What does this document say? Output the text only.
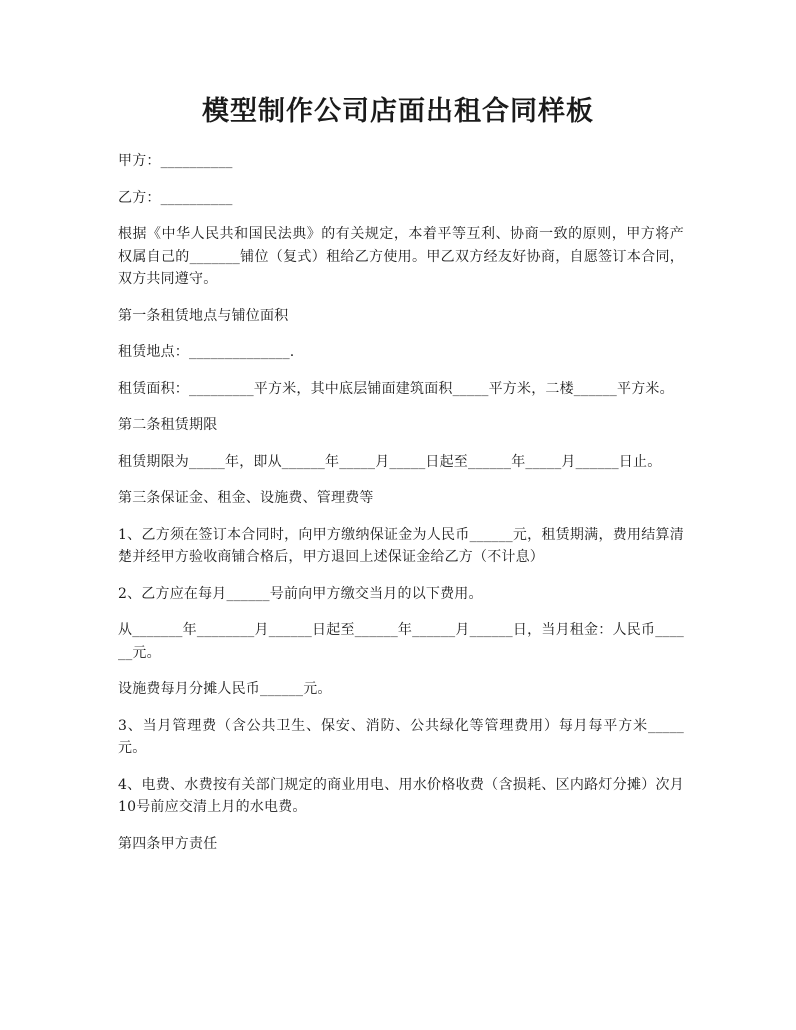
模型制作公司店面出租合同样板

甲方：__________

乙方：__________

根据《中华人民共和国民法典》的有关规定，本着平等互利、协商一致的原则，甲方将产权属自己的_______铺位（复式）租给乙方使用。甲乙双方经友好协商，自愿签订本合同，双方共同遵守。

第一条租赁地点与铺位面积

租赁地点：______________.

租赁面积：_________平方米，其中底层铺面建筑面积_____平方米，二楼______平方米。

第二条租赁期限

租赁期限为_____年，即从______年_____月_____日起至______年_____月______日止。

第三条保证金、租金、设施费、管理费等

1、乙方须在签订本合同时，向甲方缴纳保证金为人民币______元，租赁期满，费用结算清楚并经甲方验收商铺合格后，甲方退回上述保证金给乙方（不计息）

2、乙方应在每月______号前向甲方缴交当月的以下费用。

从_______年________月______日起至______年______月______日，当月租金：人民币______元。

设施费每月分摊人民币______元。

3、当月管理费（含公共卫生、保安、消防、公共绿化等管理费用）每月每平方米_____元。

4、电费、水费按有关部门规定的商业用电、用水价格收费（含损耗、区内路灯分摊）次月10号前应交清上月的水电费。

第四条甲方责任
